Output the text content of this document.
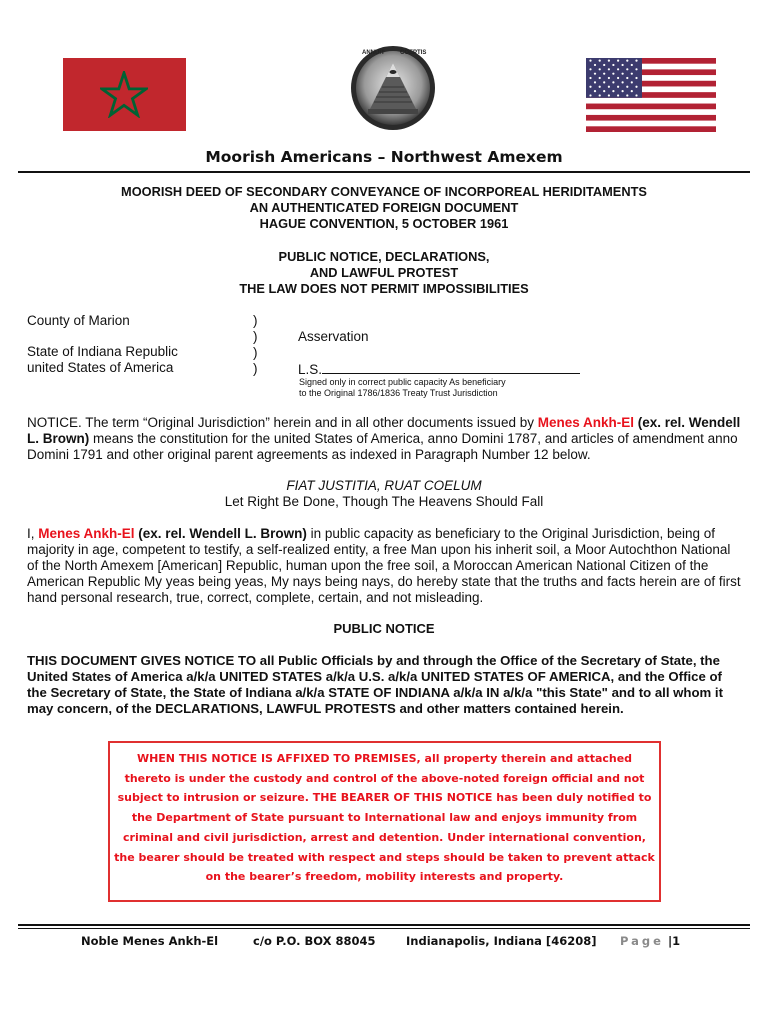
ANNUIT	COEPTIS
Moorish Americans – Northwest Amexem
MOORISH DEED OF SECONDARY CONVEYANCE OF INCORPOREAL HERIDITAMENTS
AN AUTHENTICATED FOREIGN DOCUMENT
HAGUE CONVENTION, 5 OCTOBER 1961
PUBLIC NOTICE, DECLARATIONS,
AND LAWFUL PROTEST
THE LAW DOES NOT PERMIT IMPOSSIBILITIES
County of Marion
State of Indiana Republic
united States of America
)
)
)
)
Asservation
L.S.
Signed only in correct public capacity As beneficiary
to the Original 1786/1836 Treaty Trust Jurisdiction
NOTICE. The term “Original Jurisdiction” herein and in all other documents issued by Menes Ankh-El (ex. rel. Wendell L. Brown) means the constitution for the united States of America, anno Domini 1787, and articles of amendment anno Domini 1791 and other original parent agreements as indexed in Paragraph Number 12 below.
FIAT JUSTITIA, RUAT COELUM
Let Right Be Done, Though The Heavens Should Fall
I, Menes Ankh-El (ex. rel. Wendell L. Brown) in public capacity as beneficiary to the Original Jurisdiction, being of majority in age, competent to testify, a self-realized entity, a free Man upon his inherit soil, a Moor Autochthon National of the North Amexem [American] Republic, human upon the free soil, a Moroccan American National Citizen of the American Republic My yeas being yeas, My nays being nays, do hereby state that the truths and facts herein are of first hand personal research, true, correct, complete, certain, and not misleading.
PUBLIC NOTICE
THIS DOCUMENT GIVES NOTICE TO all Public Officials by and through the Office of the Secretary of State, the United States of America a/k/a UNITED STATES a/k/a U.S. a/k/a UNITED STATES OF AMERICA, and the Office of the Secretary of State, the State of Indiana a/k/a STATE OF INDIANA a/k/a IN a/k/a "this State" and to all whom it may concern, of the DECLARATIONS, LAWFUL PROTESTS and other matters contained herein.
WHEN THIS NOTICE IS AFFIXED TO PREMISES, all property therein and attached thereto is under the custody and control of the above-noted foreign official and not subject to intrusion or seizure. THE BEARER OF THIS NOTICE has been duly notified to the Department of State pursuant to International law and enjoys immunity from criminal and civil jurisdiction, arrest and detention. Under international convention, the bearer should be treated with respect and steps should be taken to prevent attack on the bearer’s freedom, mobility interests and property.
Noble Menes Ankh-El	c/o P.O. BOX 88045	Indianapolis, Indiana [46208] Page |1
